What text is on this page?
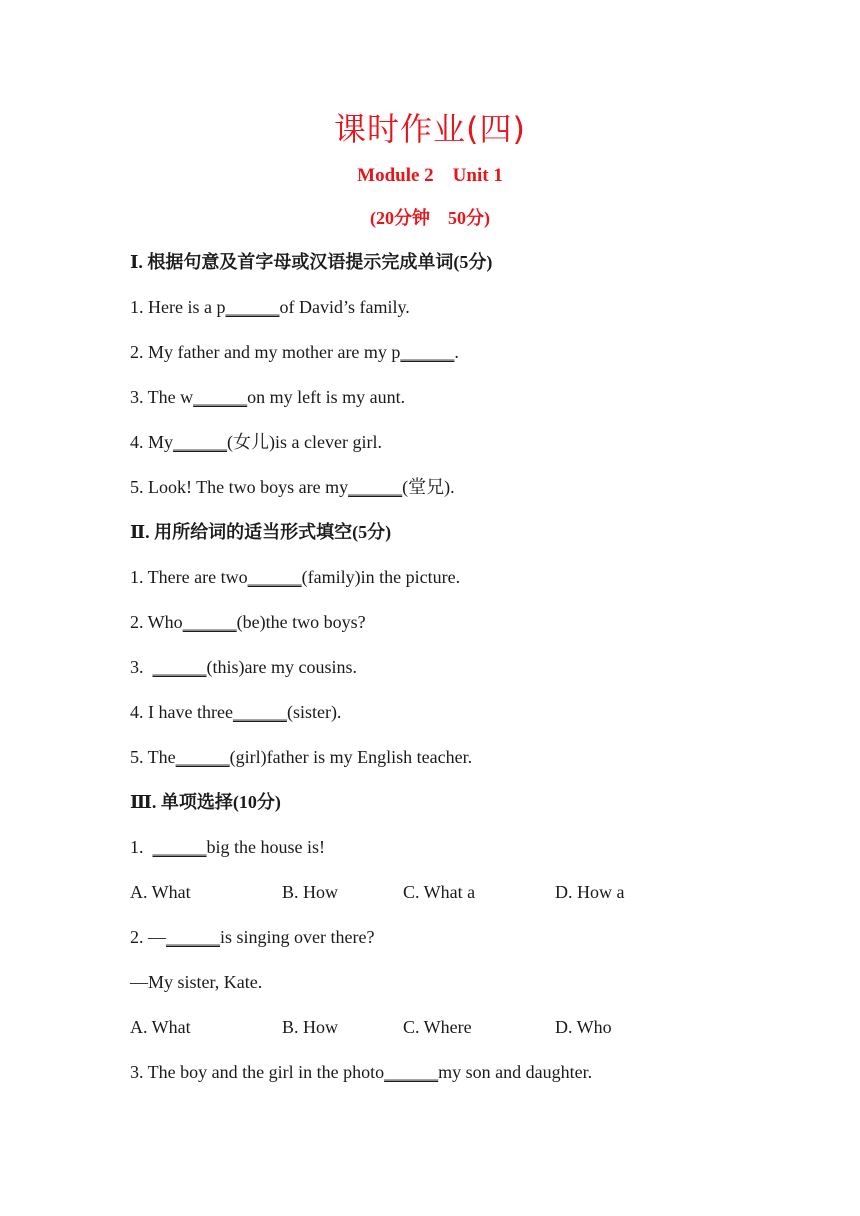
课时作业(四)
Module 2　Unit 1
(20分钟　50分)
Ⅰ. 根据句意及首字母或汉语提示完成单词(5分)
1. Here is a p______of David’s family.
2. My father and my mother are my p______.
3. The w______on my left is my aunt.
4. My______(女儿)is a clever girl.
5. Look! The two boys are my______(堂兄).
Ⅱ. 用所给词的适当形式填空(5分)
1. There are two______(family)in the picture.
2. Who______(be)the two boys?
3.  ______(this)are my cousins.
4. I have three______(sister).
5. The______(girl)father is my English teacher.
Ⅲ. 单项选择(10分)
1.  ______big the house is!
A. What	B. How	C. What a	D. How a
2. —______is singing over there?
—My sister, Kate.
A. What	B. How	C. Where	D. Who
3. The boy and the girl in the photo______my son and daughter.
